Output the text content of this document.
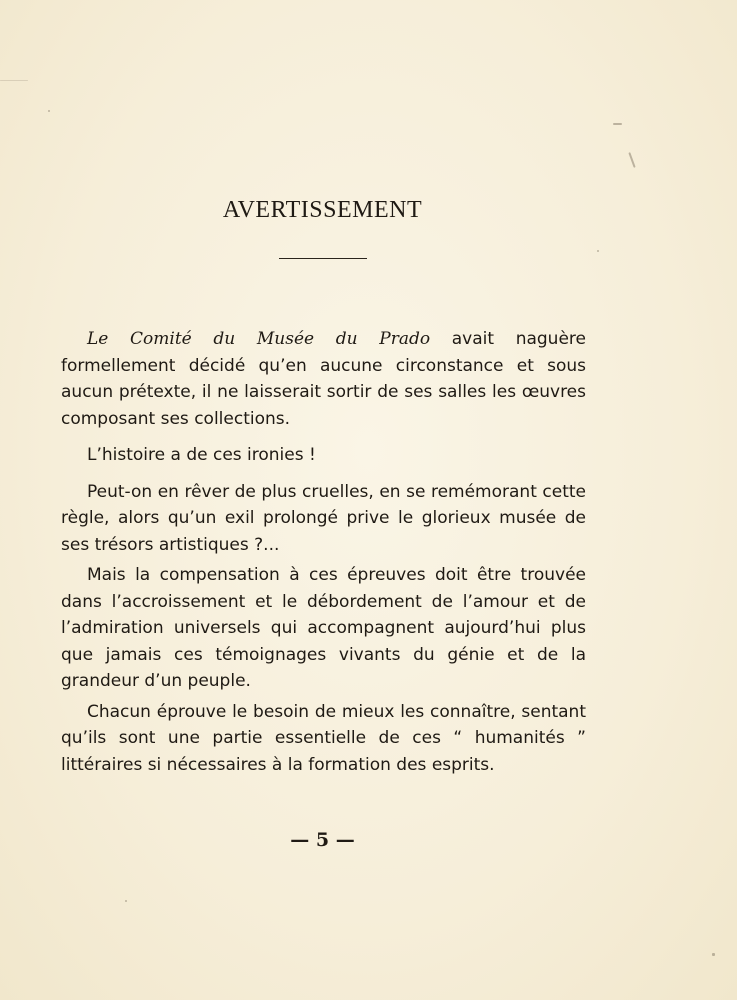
AVERTISSEMENT

Le Comité du Musée du Prado avait naguère formellement décidé qu’en aucune circonstance et sous aucun prétexte, il ne laisserait sortir de ses salles les œuvres composant ses collections.

L’histoire a de ces ironies !

Peut-on en rêver de plus cruelles, en se remémorant cette règle, alors qu’un exil prolongé prive le glorieux musée de ses trésors artistiques ?...

Mais la compensation à ces épreuves doit être trouvée dans l’accroissement et le débordement de l’amour et de l’admiration universels qui accompagnent aujourd’hui plus que jamais ces témoignages vivants du génie et de la grandeur d’un peuple.

Chacun éprouve le besoin de mieux les connaître, sentant qu’ils sont une partie essentielle de ces “ humanités ” littéraires si nécessaires à la formation des esprits.

— 5 —
